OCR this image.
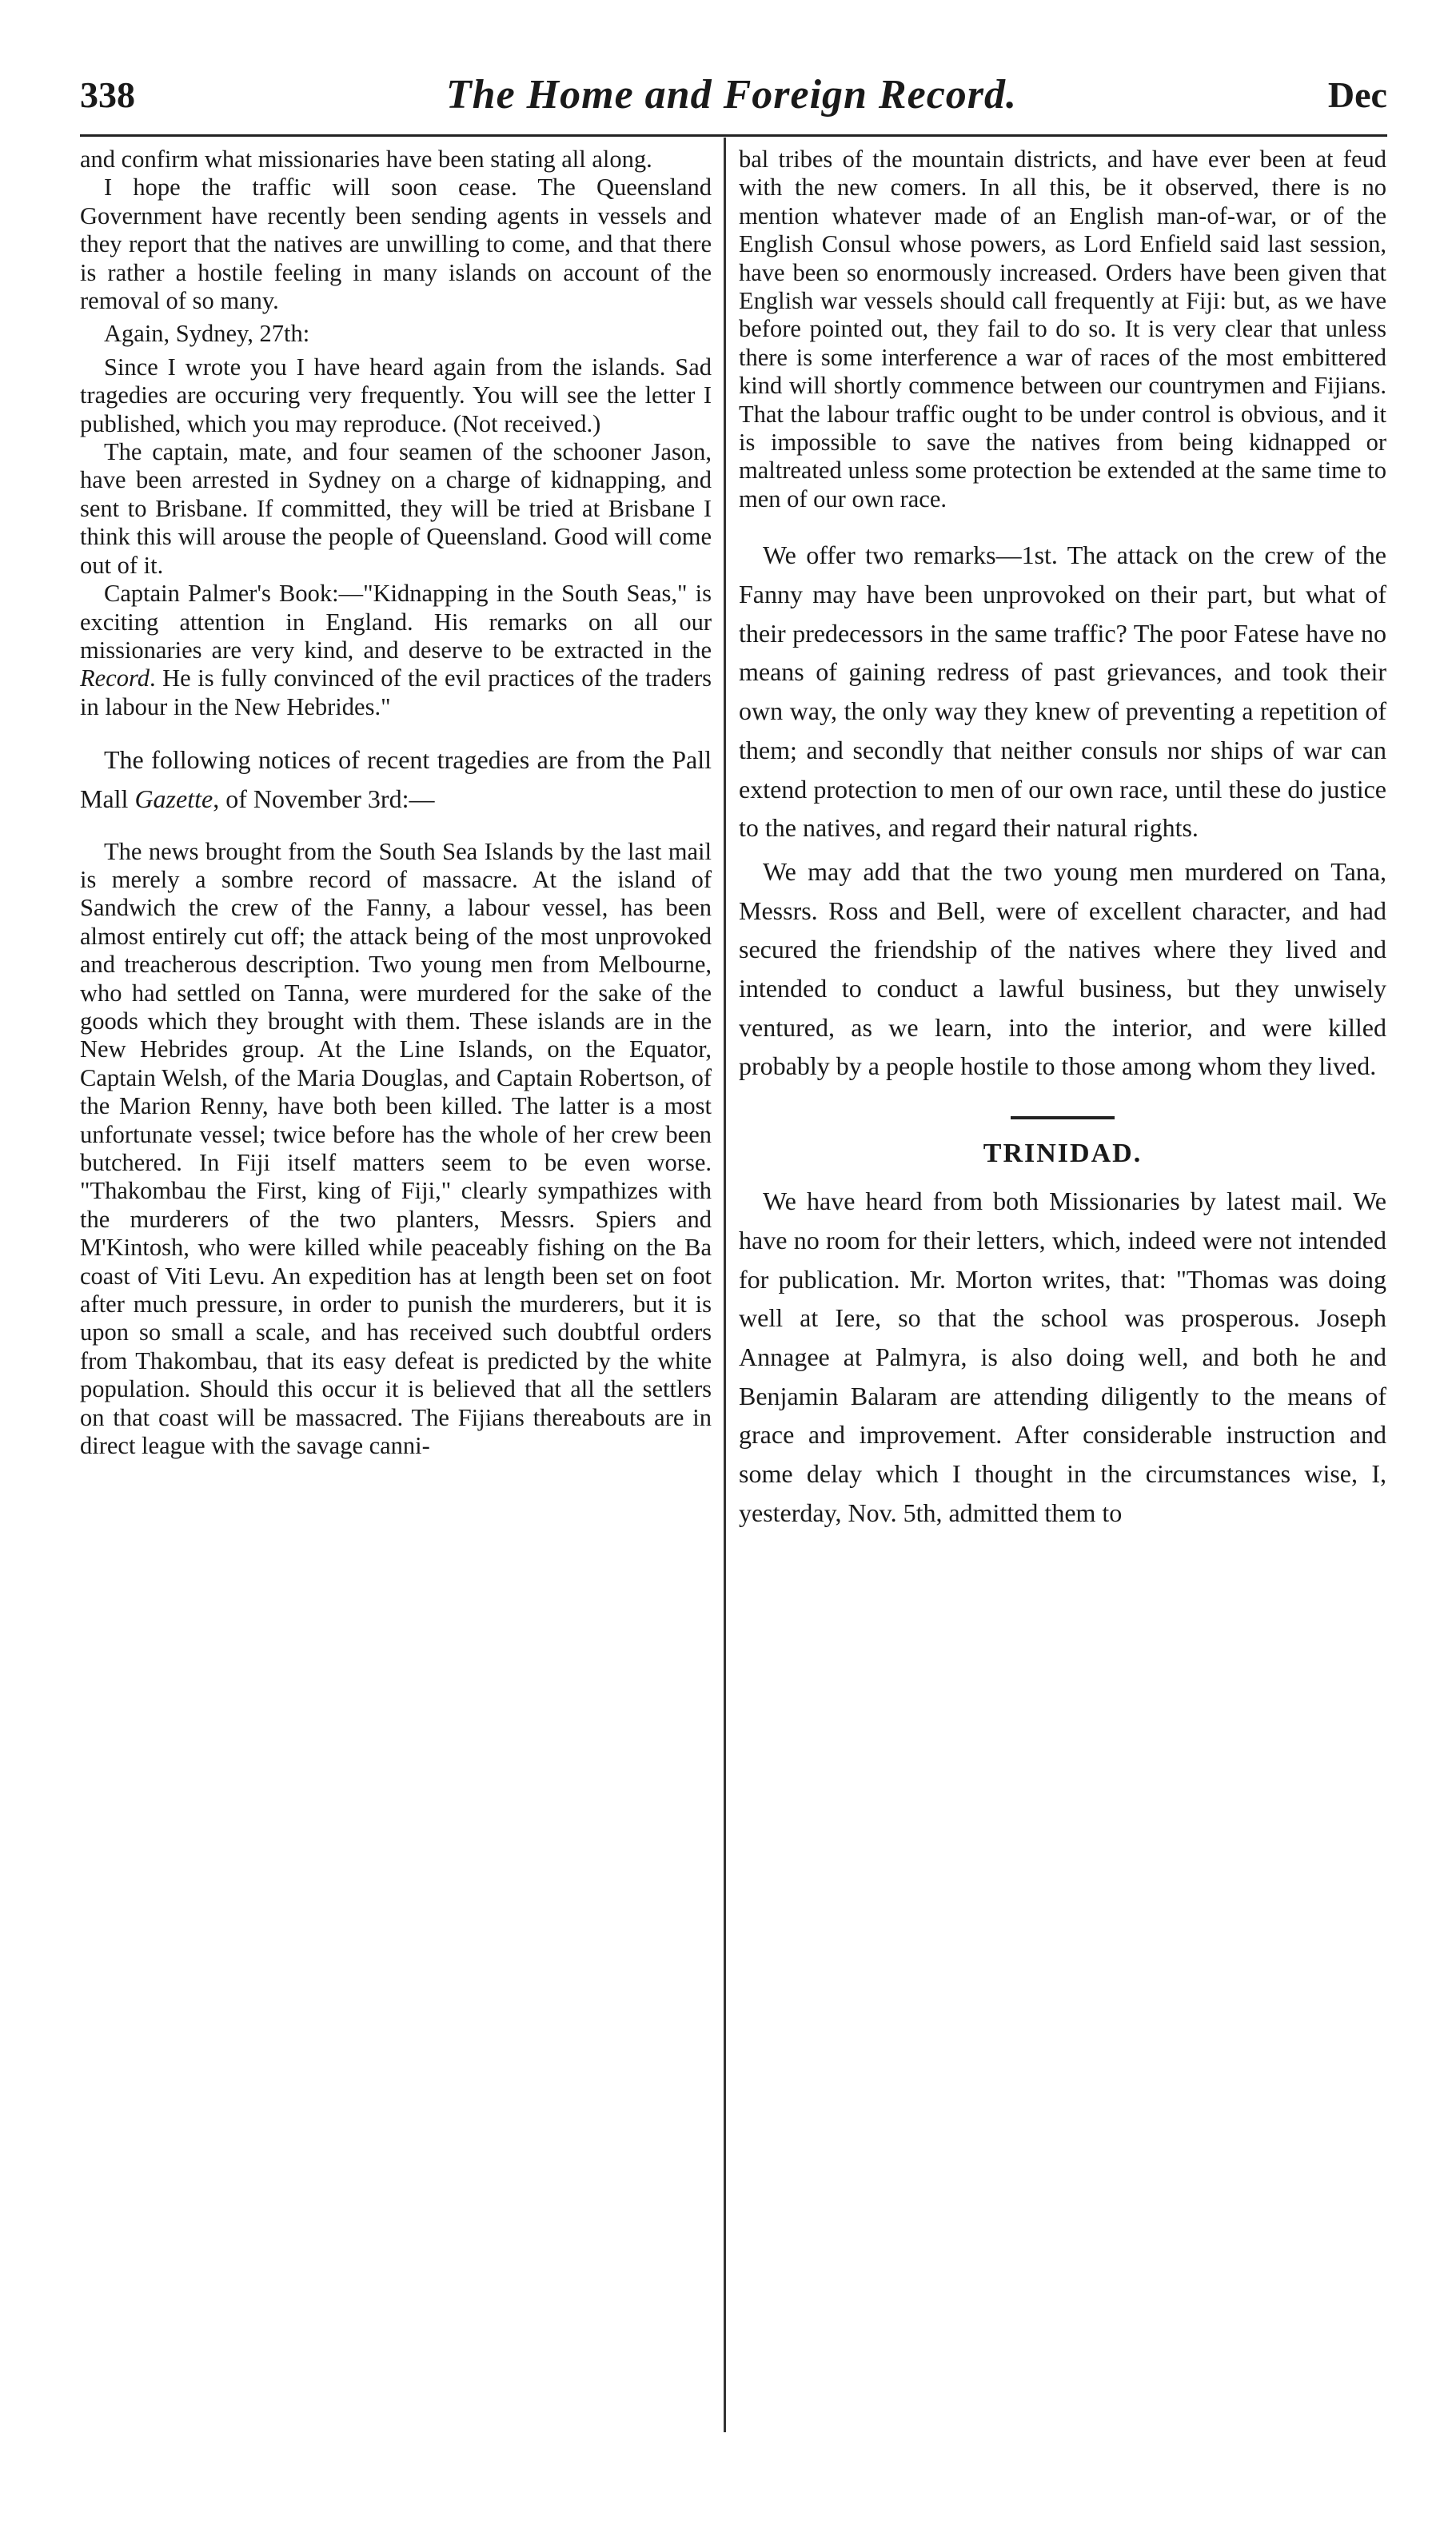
338	The Home and Foreign Record.	Dec

and confirm what missionaries have been stating all along.

I hope the traffic will soon cease. The Queensland Government have recently been sending agents in vessels and they report that the natives are unwilling to come, and that there is rather a hostile feeling in many islands on account of the removal of so many.

Again, Sydney, 27th:

Since I wrote you I have heard again from the islands. Sad tragedies are occuring very frequently. You will see the letter I published, which you may reproduce. (Not received.)

The captain, mate, and four seamen of the schooner Jason, have been arrested in Sydney on a charge of kidnapping, and sent to Brisbane. If committed, they will be tried at Brisbane I think this will arouse the people of Queensland. Good will come out of it.

Captain Palmer's Book:—"Kidnapping in the South Seas," is exciting attention in England. His remarks on all our missionaries are very kind, and deserve to be extracted in the Record. He is fully convinced of the evil practices of the traders in labour in the New Hebrides."

The following notices of recent tragedies are from the Pall Mall Gazette, of November 3rd:—

The news brought from the South Sea Islands by the last mail is merely a sombre record of massacre. At the island of Sandwich the crew of the Fanny, a labour vessel, has been almost entirely cut off; the attack being of the most unprovoked and treacherous description. Two young men from Melbourne, who had settled on Tanna, were murdered for the sake of the goods which they brought with them. These islands are in the New Hebrides group. At the Line Islands, on the Equator, Captain Welsh, of the Maria Douglas, and Captain Robertson, of the Marion Renny, have both been killed. The latter is a most unfortunate vessel; twice before has the whole of her crew been butchered. In Fiji itself matters seem to be even worse. "Thakombau the First, king of Fiji," clearly sympathizes with the murderers of the two planters, Messrs. Spiers and M'Kintosh, who were killed while peaceably fishing on the Ba coast of Viti Levu. An expedition has at length been set on foot after much pressure, in order to punish the murderers, but it is upon so small a scale, and has received such doubtful orders from Thakombau, that its easy defeat is predicted by the white population. Should this occur it is believed that all the settlers on that coast will be massacred. The Fijians thereabouts are in direct league with the savage canni-

bal tribes of the mountain districts, and have ever been at feud with the new comers. In all this, be it observed, there is no mention whatever made of an English man-of-war, or of the English Consul whose powers, as Lord Enfield said last session, have been so enormously increased. Orders have been given that English war vessels should call frequently at Fiji: but, as we have before pointed out, they fail to do so. It is very clear that unless there is some interference a war of races of the most embittered kind will shortly commence between our countrymen and Fijians. That the labour traffic ought to be under control is obvious, and it is impossible to save the natives from being kidnapped or maltreated unless some protection be extended at the same time to men of our own race.

We offer two remarks—1st. The attack on the crew of the Fanny may have been unprovoked on their part, but what of their predecessors in the same traffic? The poor Fatese have no means of gaining redress of past grievances, and took their own way, the only way they knew of preventing a repetition of them; and secondly that neither consuls nor ships of war can extend protection to men of our own race, until these do justice to the natives, and regard their natural rights.

We may add that the two young men murdered on Tana, Messrs. Ross and Bell, were of excellent character, and had secured the friendship of the natives where they lived and intended to conduct a lawful business, but they unwisely ventured, as we learn, into the interior, and were killed probably by a people hostile to those among whom they lived.

TRINIDAD.

We have heard from both Missionaries by latest mail. We have no room for their letters, which, indeed were not intended for publication. Mr. Morton writes, that: "Thomas was doing well at Iere, so that the school was prosperous. Joseph Annagee at Palmyra, is also doing well, and both he and Benjamin Balaram are attending diligently to the means of grace and improvement. After considerable instruction and some delay which I thought in the circumstances wise, I, yesterday, Nov. 5th, admitted them to
